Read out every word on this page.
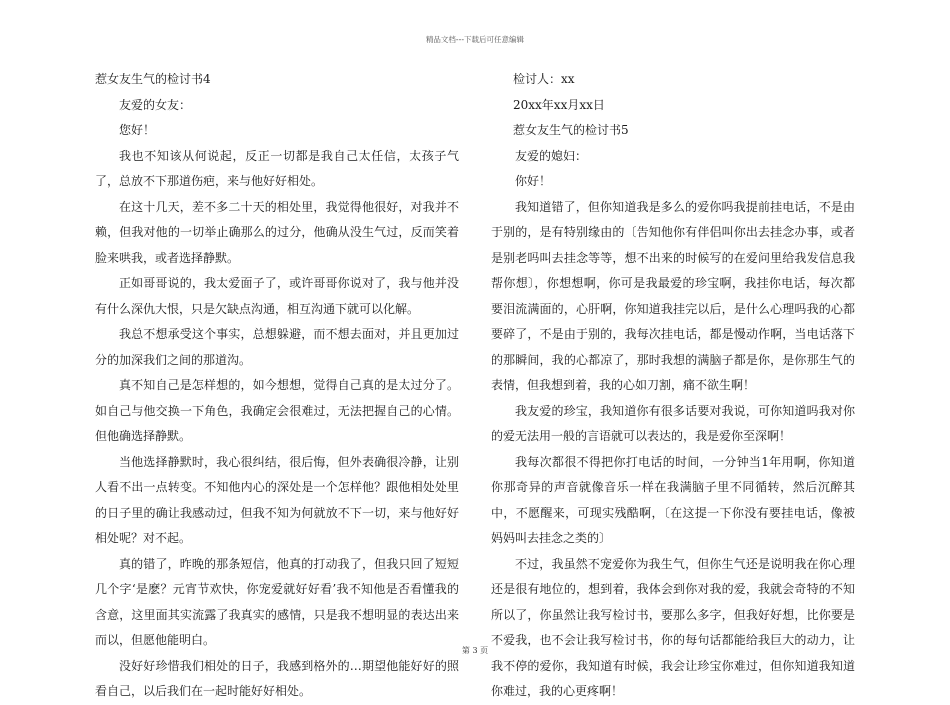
精品文档---下载后可任意编辑

惹女友生气的检讨书4

友爱的女友：

您好！

我也不知该从何说起，反正一切都是我自己太任信，太孩子气了，总放不下那道伤疤，来与他好好相处。

在这十几天，差不多二十天的相处里，我觉得他很好，对我并不赖，但我对他的一切举止确那么的过分，他确从没生气过，反而笑着脸来哄我，或者选择静默。

正如哥哥说的，我太爱面子了，或许哥哥你说对了，我与他并没有什么深仇大恨，只是欠缺点沟通，相互沟通下就可以化解。

我总不想承受这个事实，总想躲避，而不想去面对，并且更加过分的加深我们之间的那道沟。

真不知自己是怎样想的，如今想想，觉得自己真的是太过分了。如自己与他交换一下角色，我确定会很难过，无法把握自己的心情。但他确选择静默。

当他选择静默时，我心很纠结，很后悔，但外表确很冷静，让别人看不出一点转变。不知他内心的深处是一个怎样他？跟他相处处里的日子里的确让我感动过，但我不知为何就放不下一切，来与他好好相处呢？对不起。

真的错了，昨晚的那条短信，他真的打动我了，但我只回了短短几个字‘是麽？元宵节欢快，你宠爱就好好看’我不知他是否看懂我的含意，这里面其实流露了我真实的感情，只是我不想明显的表达出来而以，但愿他能明白。

没好好珍惜我们相处的日子，我感到格外的…期望他能好好的照看自己，以后我们在一起时能好好相处。

检讨人：xx

20xx年xx月xx日

惹女友生气的检讨书5

友爱的媳妇：

你好！

我知道错了，但你知道我是多么的爱你吗我提前挂电话，不是由于别的，是有特别缘由的〔告知他你有伴侣叫你出去挂念办事，或者是别老吗叫去挂念等等，想不出来的时候写的在爱问里给我发信息我帮你想〕，你想想啊，你可是我最爱的珍宝啊，我挂你电话，每次都要泪流满面的，心肝啊，你知道我挂完以后，是什么心理吗我的心都要碎了，不是由于别的，我每次挂电话，都是慢动作啊，当电话落下的那瞬间，我的心都凉了，那时我想的满脑子都是你，是你那生气的表情，但我想到着，我的心如刀割，痛不欲生啊！

我友爱的珍宝，我知道你有很多话要对我说，可你知道吗我对你的爱无法用一般的言语就可以表达的，我是爱你至深啊！

我每次都很不得把你打电话的时间，一分钟当1年用啊，你知道你那奇异的声音就像音乐一样在我满脑子里不同循转，然后沉醉其中，不愿醒来，可现实残酷啊，〔在这提一下你没有要挂电话，像被妈妈叫去挂念之类的〕

不过，我虽然不宠爱你为我生气，但你生气还是说明我在你心理还是很有地位的，想到着，我体会到你对我的爱，我就会奇特的不知所以了，你虽然让我写检讨书，要那么多字，但我好好想，比你要是不爱我，也不会让我写检讨书，你的每句话都能给我巨大的动力，让我不停的爱你，我知道有时候，我会让珍宝你难过，但你知道我知道你难过，我的心更疼啊！

第 3 页
